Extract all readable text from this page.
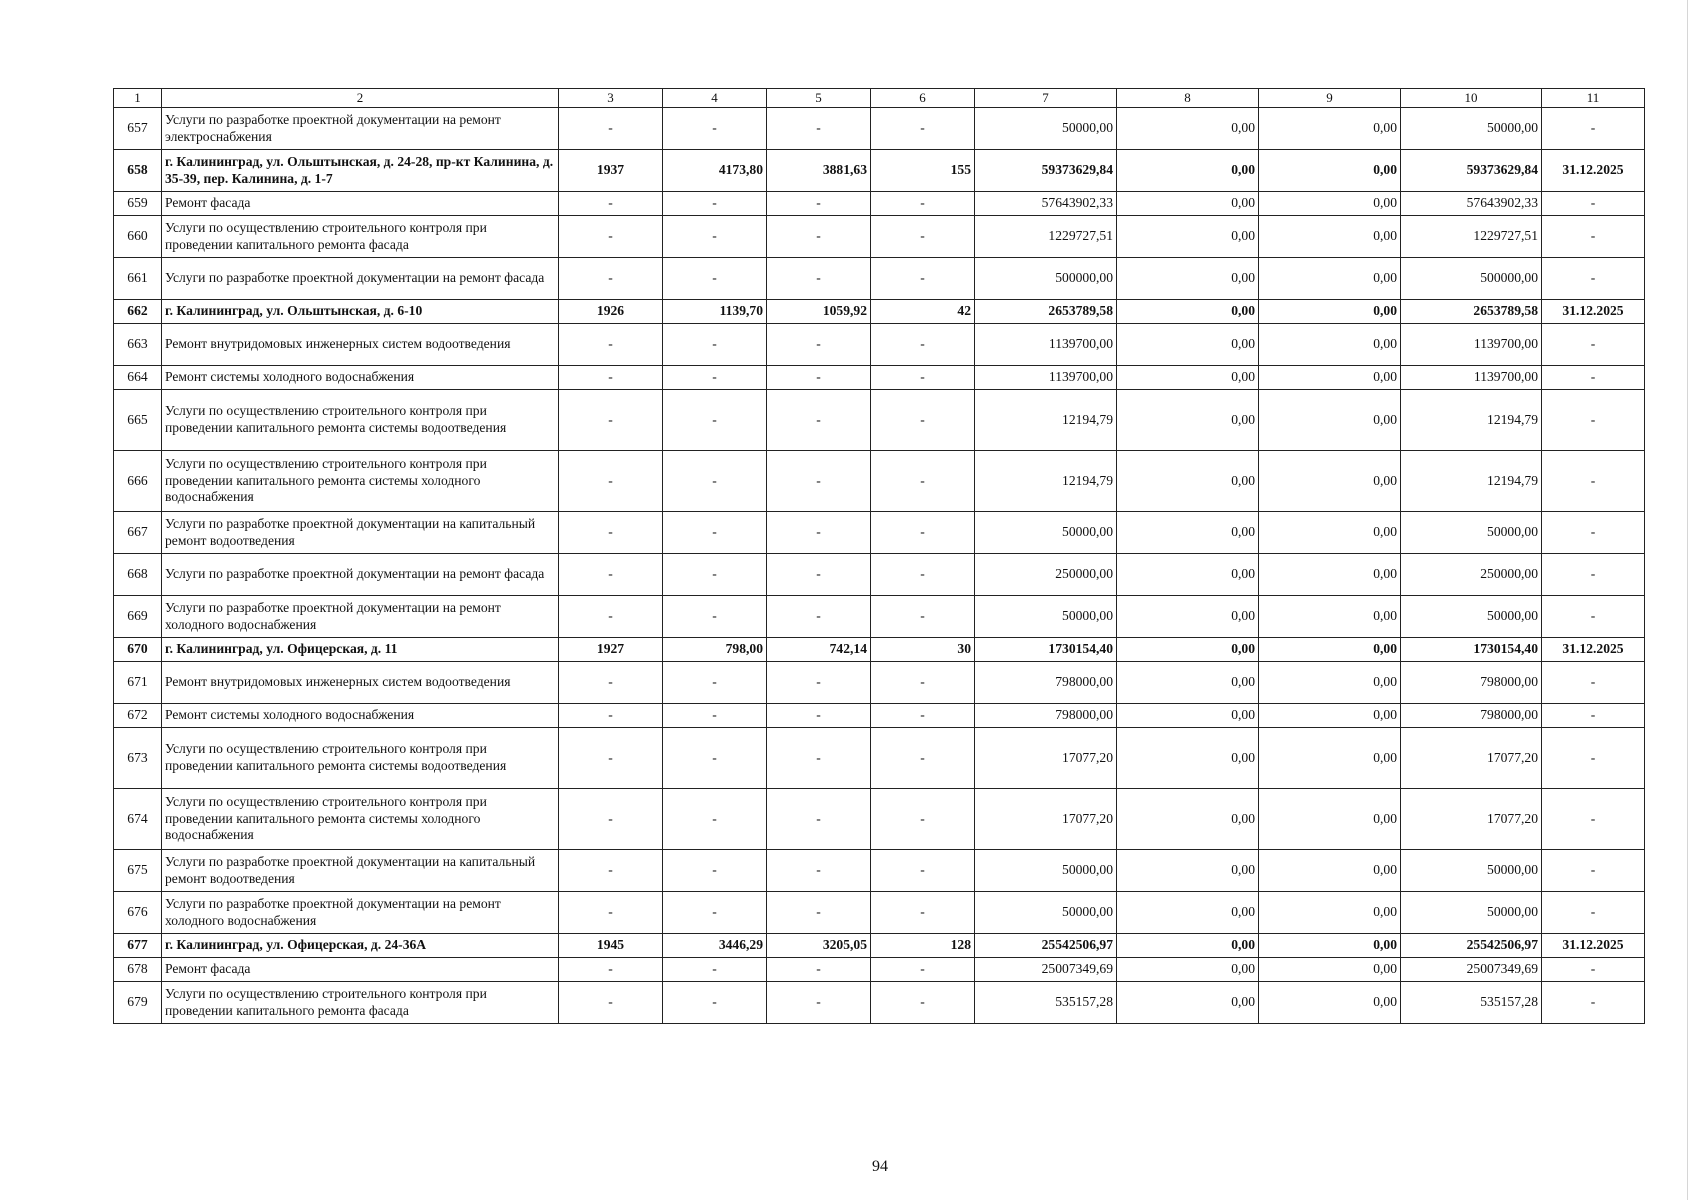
1	2	3	4	5	6	7	8	9	10	11
657	Услуги по разработке проектной документации на ремонт электроснабжения	-	-	-	-	50000,00	0,00	0,00	50000,00	-
658	г. Калининград, ул. Ольштынская, д. 24-28, пр-кт Калинина, д. 35-39, пер. Калинина, д. 1-7	1937	4173,80	3881,63	155	59373629,84	0,00	0,00	59373629,84	31.12.2025
659	Ремонт фасада	-	-	-	-	57643902,33	0,00	0,00	57643902,33	-
660	Услуги по осуществлению строительного контроля при проведении капитального ремонта фасада	-	-	-	-	1229727,51	0,00	0,00	1229727,51	-
661	Услуги по разработке проектной документации на ремонт фасада	-	-	-	-	500000,00	0,00	0,00	500000,00	-
662	г. Калининград, ул. Ольштынская, д. 6-10	1926	1139,70	1059,92	42	2653789,58	0,00	0,00	2653789,58	31.12.2025
663	Ремонт внутридомовых инженерных систем водоотведения	-	-	-	-	1139700,00	0,00	0,00	1139700,00	-
664	Ремонт системы холодного водоснабжения	-	-	-	-	1139700,00	0,00	0,00	1139700,00	-
665	Услуги по осуществлению строительного контроля при проведении капитального ремонта системы водоотведения	-	-	-	-	12194,79	0,00	0,00	12194,79	-
666	Услуги по осуществлению строительного контроля при проведении капитального ремонта системы холодного водоснабжения	-	-	-	-	12194,79	0,00	0,00	12194,79	-
667	Услуги по разработке проектной документации на капитальный ремонт водоотведения	-	-	-	-	50000,00	0,00	0,00	50000,00	-
668	Услуги по разработке проектной документации на ремонт фасада	-	-	-	-	250000,00	0,00	0,00	250000,00	-
669	Услуги по разработке проектной документации на ремонт холодного водоснабжения	-	-	-	-	50000,00	0,00	0,00	50000,00	-
670	г. Калининград, ул. Офицерская, д. 11	1927	798,00	742,14	30	1730154,40	0,00	0,00	1730154,40	31.12.2025
671	Ремонт внутридомовых инженерных систем водоотведения	-	-	-	-	798000,00	0,00	0,00	798000,00	-
672	Ремонт системы холодного водоснабжения	-	-	-	-	798000,00	0,00	0,00	798000,00	-
673	Услуги по осуществлению строительного контроля при проведении капитального ремонта системы водоотведения	-	-	-	-	17077,20	0,00	0,00	17077,20	-
674	Услуги по осуществлению строительного контроля при проведении капитального ремонта системы холодного водоснабжения	-	-	-	-	17077,20	0,00	0,00	17077,20	-
675	Услуги по разработке проектной документации на капитальный ремонт водоотведения	-	-	-	-	50000,00	0,00	0,00	50000,00	-
676	Услуги по разработке проектной документации на ремонт холодного водоснабжения	-	-	-	-	50000,00	0,00	0,00	50000,00	-
677	г. Калининград, ул. Офицерская, д. 24-36А	1945	3446,29	3205,05	128	25542506,97	0,00	0,00	25542506,97	31.12.2025
678	Ремонт фасада	-	-	-	-	25007349,69	0,00	0,00	25007349,69	-
679	Услуги по осуществлению строительного контроля при проведении капитального ремонта фасада	-	-	-	-	535157,28	0,00	0,00	535157,28	-
94
